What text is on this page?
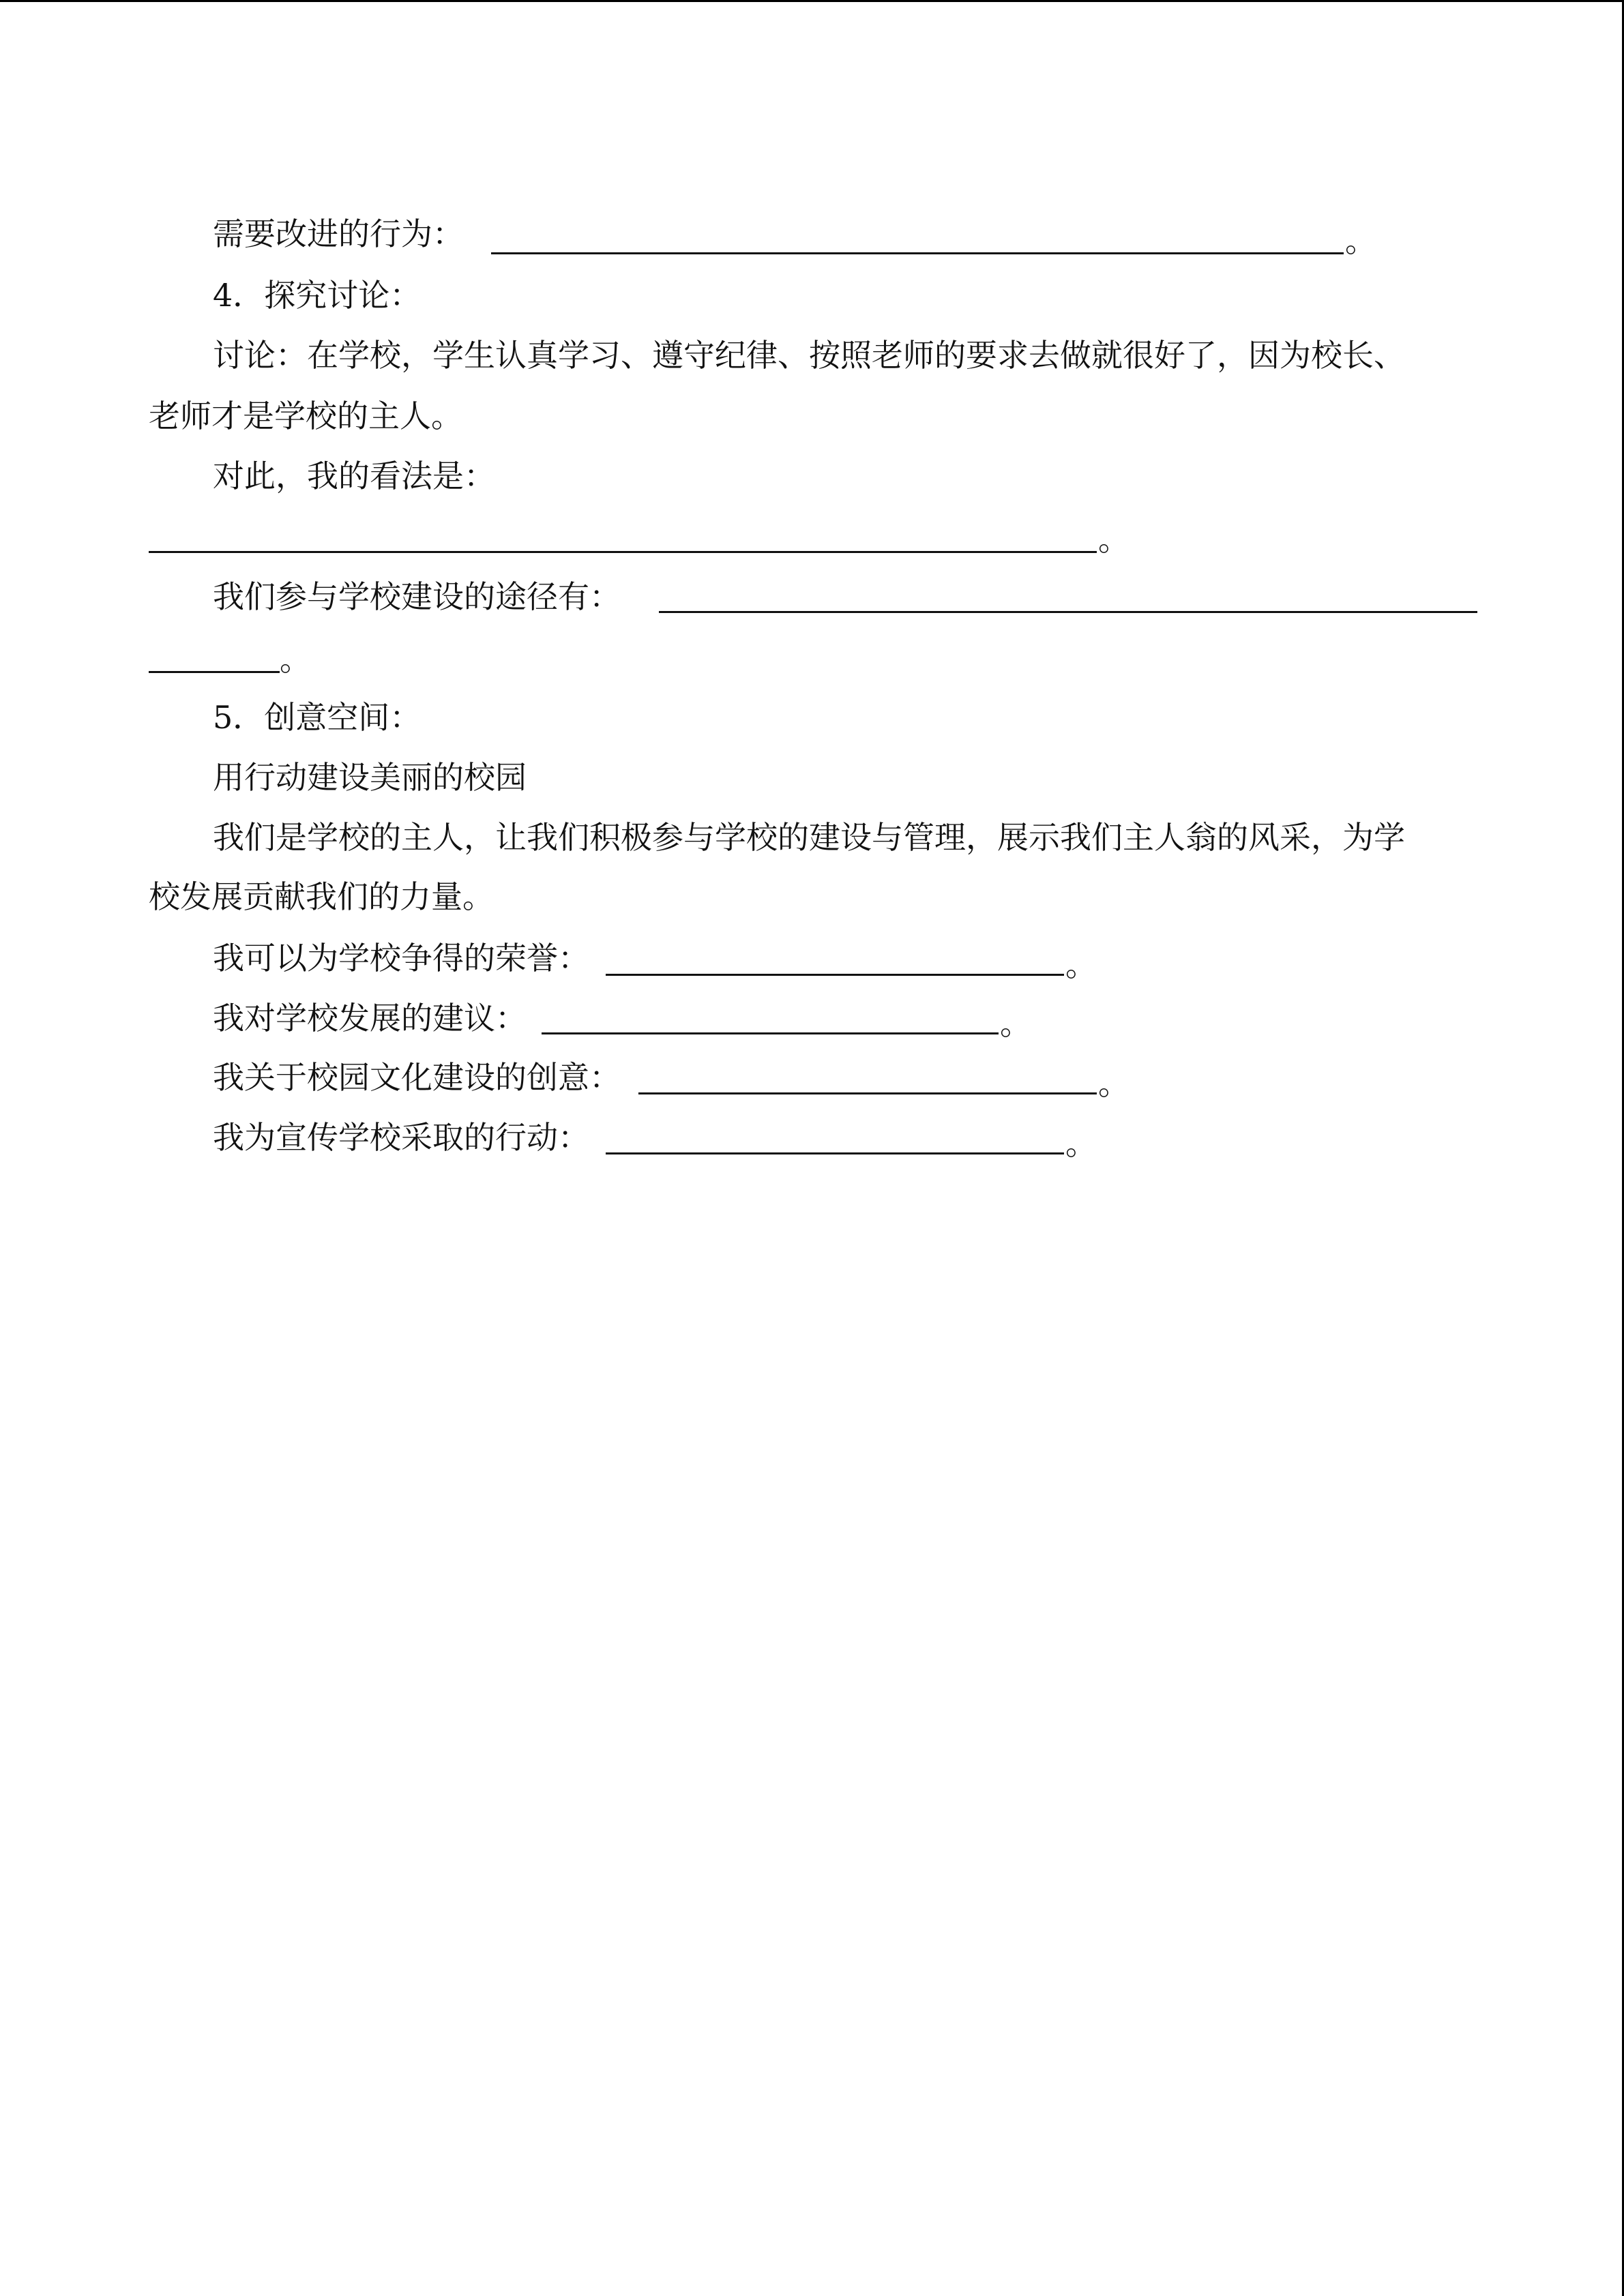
需要改进的行为：	。
4．探究讨论：
讨论：在学校，学生认真学习、遵守纪律、按照老师的要求去做就很好了，因为校长、
老师才是学校的主人。
对此，我的看法是：
。
我们参与学校建设的途径有：
。
5．创意空间：
用行动建设美丽的校园
我们是学校的主人，让我们积极参与学校的建设与管理，展示我们主人翁的风采，为学
校发展贡献我们的力量。
我可以为学校争得的荣誉：	。
我对学校发展的建议：	。
我关于校园文化建设的创意：	。
我为宣传学校采取的行动：	。
